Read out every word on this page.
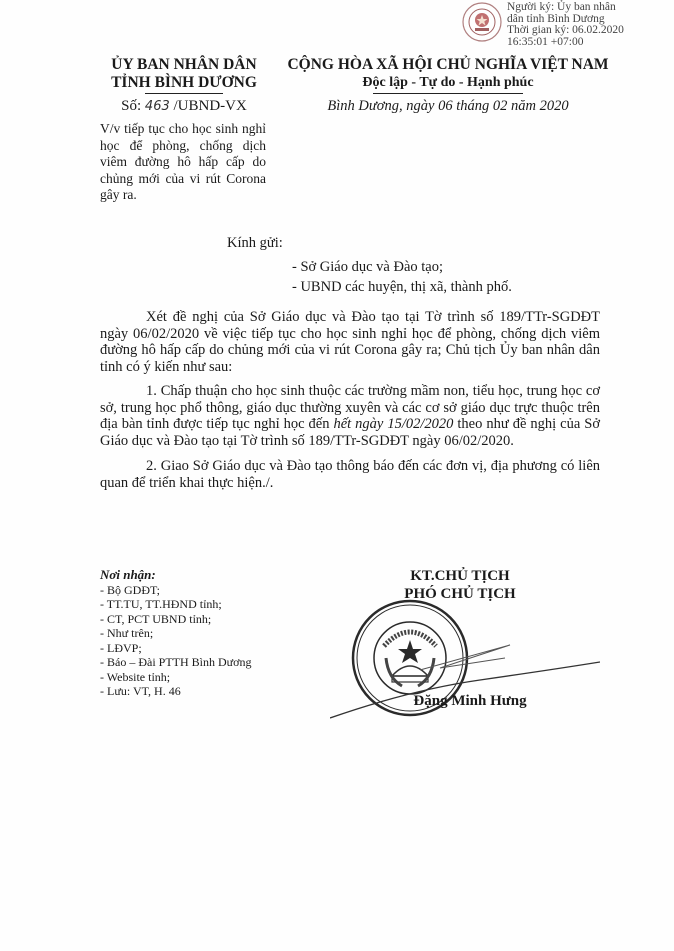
Người ký: Ủy ban nhân
dân tỉnh Bình Dương
Thời gian ký: 06.02.2020
16:35:01 +07:00
ỦY BAN NHÂN DÂN
TỈNH BÌNH DƯƠNG
Số: 463 /UBND-VX
V/v tiếp tục cho học sinh nghỉ học để phòng, chống dịch viêm đường hô hấp cấp do chủng mới của vi rút Corona gây ra.
CỘNG HÒA XÃ HỘI CHỦ NGHĨA VIỆT NAM
Độc lập - Tự do - Hạnh phúc
Bình Dương, ngày 06 tháng 02 năm 2020
Kính gửi:
- Sở Giáo dục và Đào tạo;
- UBND các huyện, thị xã, thành phố.

Xét đề nghị của Sở Giáo dục và Đào tạo tại Tờ trình số 189/TTr-SGDĐT ngày 06/02/2020 về việc tiếp tục cho học sinh nghỉ học để phòng, chống dịch viêm đường hô hấp cấp do chủng mới của vi rút Corona gây ra; Chủ tịch Ủy ban nhân dân tỉnh có ý kiến như sau:

1. Chấp thuận cho học sinh thuộc các trường mầm non, tiểu học, trung học cơ sở, trung học phổ thông, giáo dục thường xuyên và các cơ sở giáo dục trực thuộc trên địa bàn tỉnh được tiếp tục nghỉ học đến hết ngày 15/02/2020 theo như đề nghị của Sở Giáo dục và Đào tạo tại Tờ trình số 189/TTr-SGDĐT ngày 06/02/2020.

2. Giao Sở Giáo dục và Đào tạo thông báo đến các đơn vị, địa phương có liên quan để triển khai thực hiện./.

Nơi nhận:
- Bộ GDĐT;
- TT.TU, TT.HĐND tỉnh;
- CT, PCT UBND tỉnh;
- Như trên;
- LĐVP;
- Báo – Đài PTTH Bình Dương
- Website tỉnh;
- Lưu: VT, H. 46
KT.CHỦ TỊCH
PHÓ CHỦ TỊCH
Đặng Minh Hưng
